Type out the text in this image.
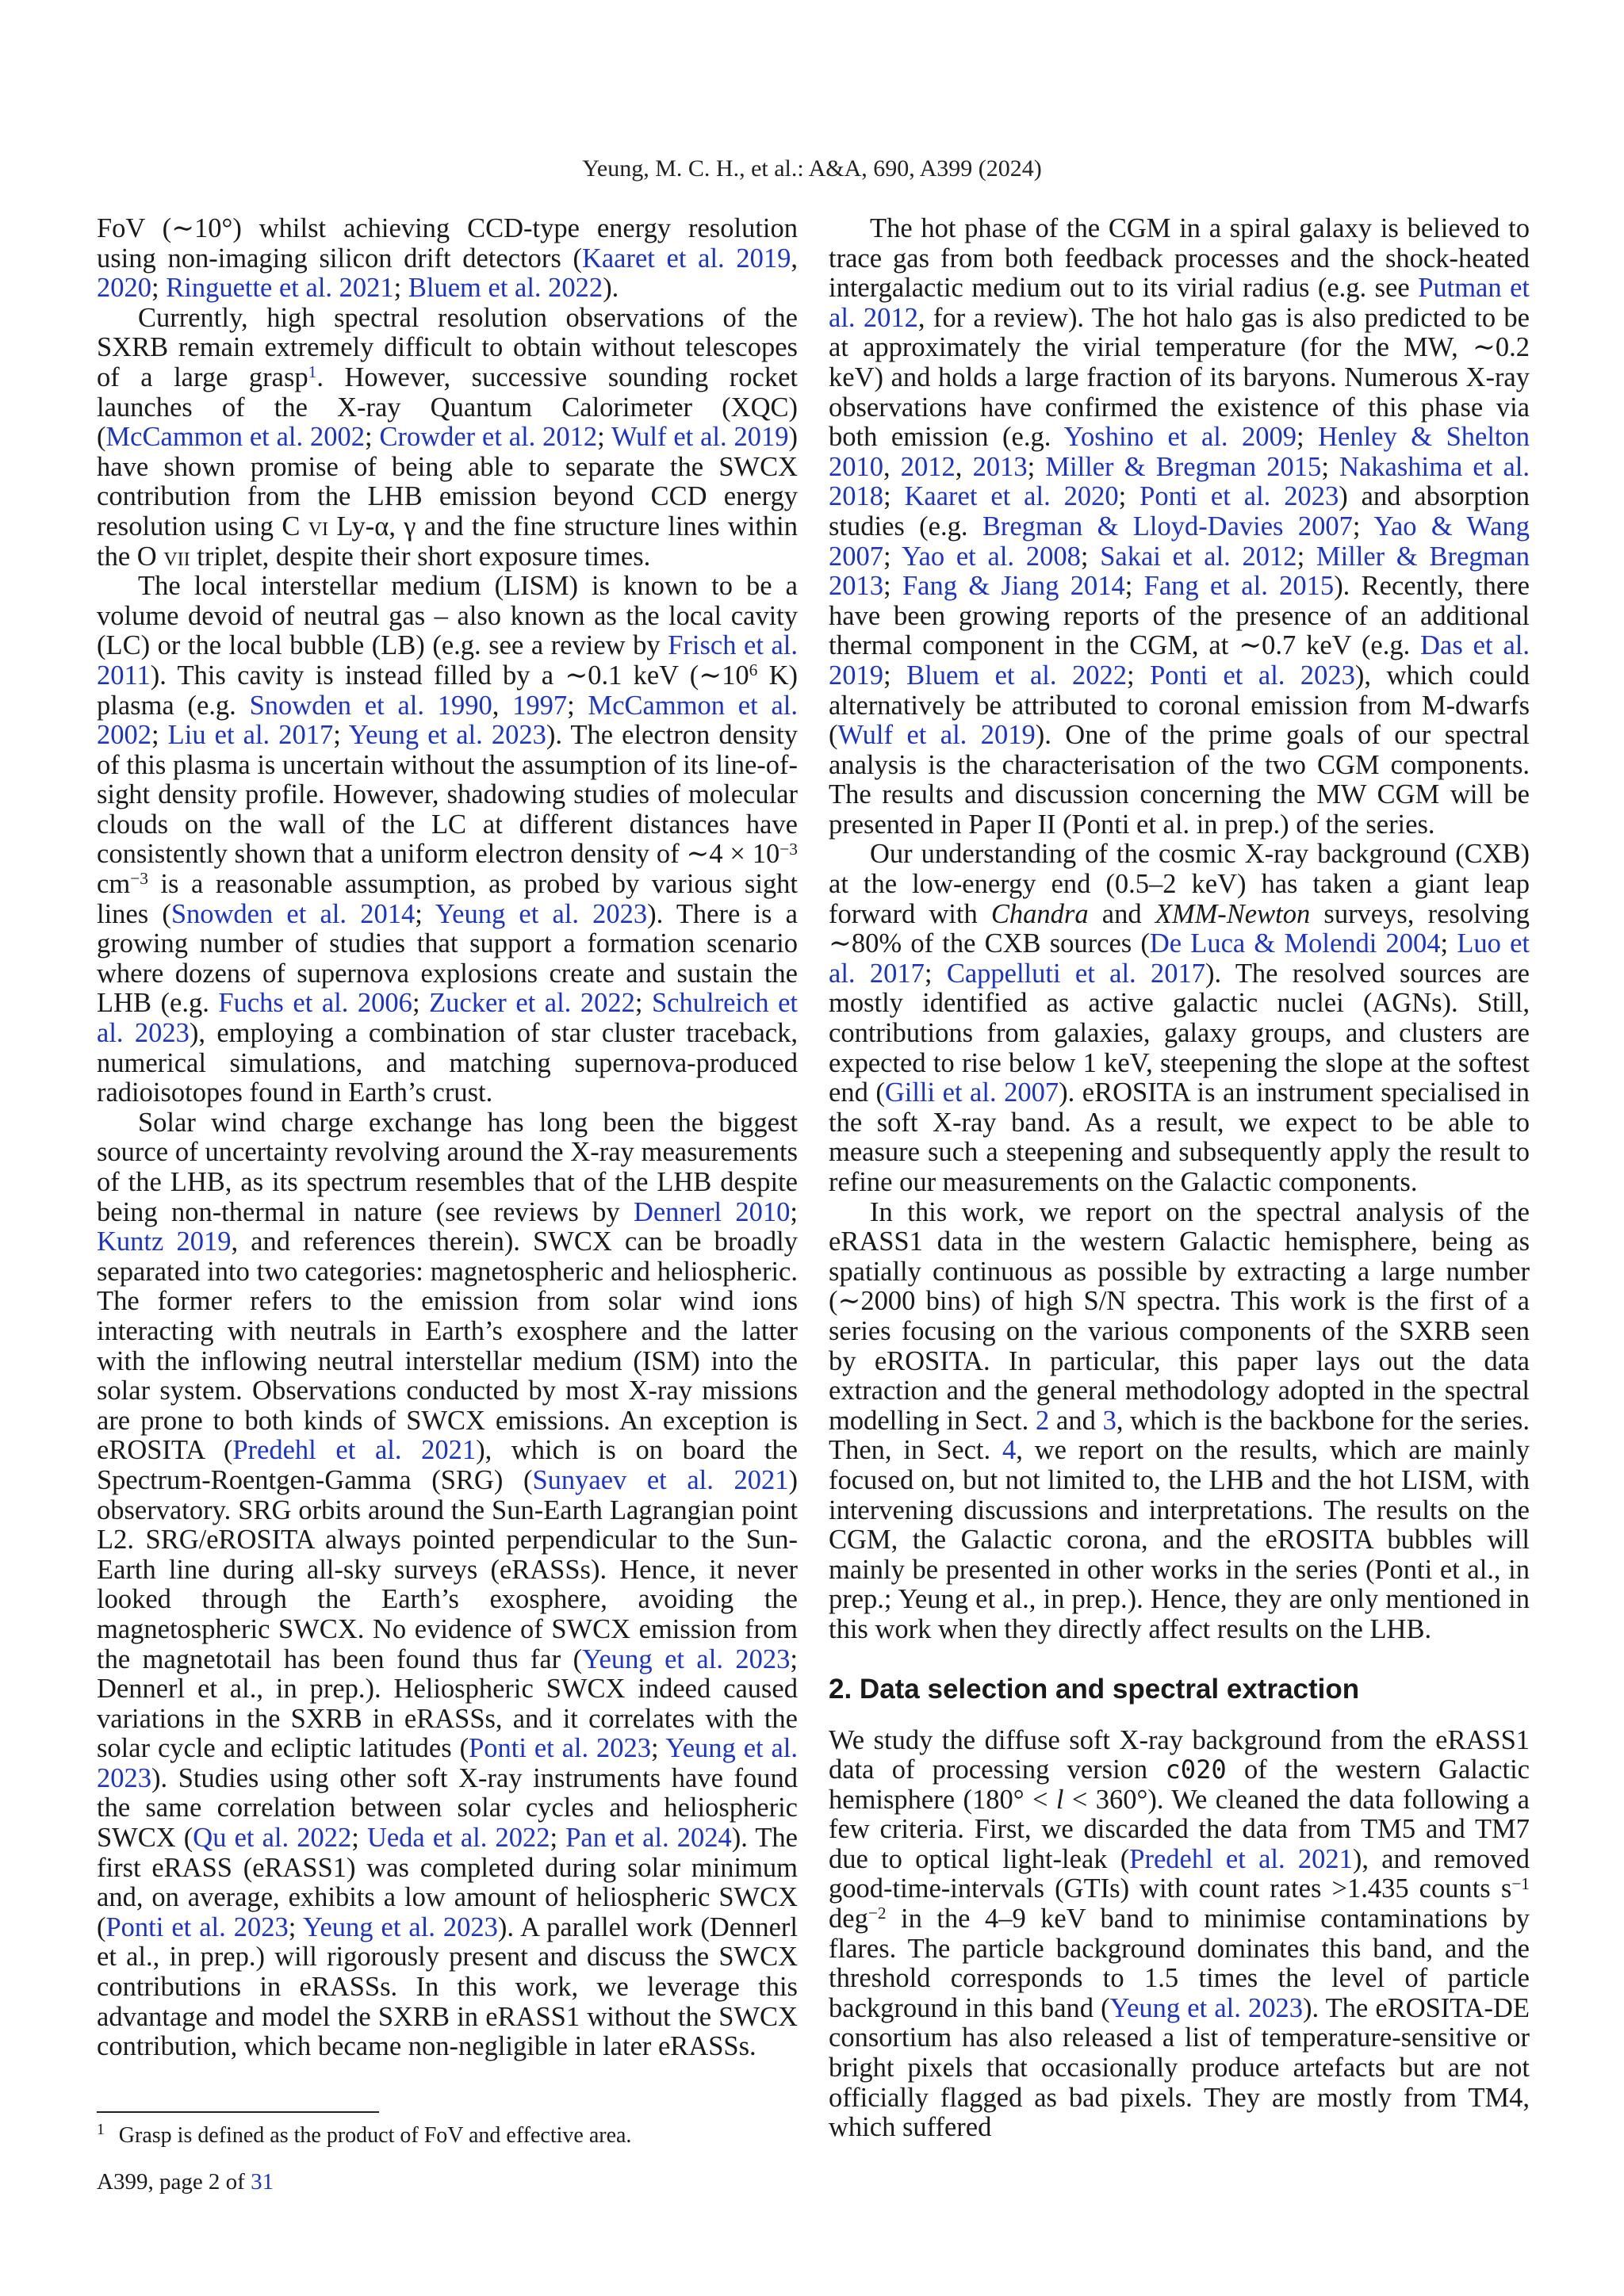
Yeung, M. C. H., et al.: A&A, 690, A399 (2024)

FoV (∼10°) whilst achieving CCD-type energy resolution using non-imaging silicon drift detectors (Kaaret et al. 2019, 2020; Ringuette et al. 2021; Bluem et al. 2022).

Currently, high spectral resolution observations of the SXRB remain extremely difficult to obtain without telescopes of a large grasp$^1$. However, successive sounding rocket launches of the X-ray Quantum Calorimeter (XQC) (McCammon et al. 2002; Crowder et al. 2012; Wulf et al. 2019) have shown promise of being able to separate the SWCX contribution from the LHB emission beyond CCD energy resolution using C vi Ly-α, γ and the fine structure lines within the O vii triplet, despite their short exposure times.

The local interstellar medium (LISM) is known to be a volume devoid of neutral gas – also known as the local cavity (LC) or the local bubble (LB) (e.g. see a review by Frisch et al. 2011). This cavity is instead filled by a ∼0.1 keV ($\sim 10^6$ K) plasma (e.g. Snowden et al. 1990, 1997; McCammon et al. 2002; Liu et al. 2017; Yeung et al. 2023). The electron density of this plasma is uncertain without the assumption of its line-of-sight density profile. However, shadowing studies of molecular clouds on the wall of the LC at different distances have consistently shown that a uniform electron density of ∼4 × $10^{-3}$ $cm^{-3}$ is a reasonable assumption, as probed by various sight lines (Snowden et al. 2014; Yeung et al. 2023). There is a growing number of studies that support a formation scenario where dozens of supernova explosions create and sustain the LHB (e.g. Fuchs et al. 2006; Zucker et al. 2022; Schulreich et al. 2023), employing a combination of star cluster traceback, numerical simulations, and matching supernova-produced radioisotopes found in Earth’s crust.

Solar wind charge exchange has long been the biggest source of uncertainty revolving around the X-ray measurements of the LHB, as its spectrum resembles that of the LHB despite being non-thermal in nature (see reviews by Dennerl 2010; Kuntz 2019, and references therein). SWCX can be broadly separated into two categories: magnetospheric and heliospheric. The former refers to the emission from solar wind ions interacting with neutrals in Earth’s exosphere and the latter with the inflowing neutral interstellar medium (ISM) into the solar system. Observations conducted by most X-ray missions are prone to both kinds of SWCX emissions. An exception is eROSITA (Predehl et al. 2021), which is on board the Spectrum-Roentgen-Gamma (SRG) (Sunyaev et al. 2021) observatory. SRG orbits around the Sun-Earth Lagrangian point L2. SRG/eROSITA always pointed perpendicular to the Sun-Earth line during all-sky surveys (eRASSs). Hence, it never looked through the Earth’s exosphere, avoiding the magnetospheric SWCX. No evidence of SWCX emission from the magnetotail has been found thus far (Yeung et al. 2023; Dennerl et al., in prep.). Heliospheric SWCX indeed caused variations in the SXRB in eRASSs, and it correlates with the solar cycle and ecliptic latitudes (Ponti et al. 2023; Yeung et al. 2023). Studies using other soft X-ray instruments have found the same correlation between solar cycles and heliospheric SWCX (Qu et al. 2022; Ueda et al. 2022; Pan et al. 2024). The first eRASS (eRASS1) was completed during solar minimum and, on average, exhibits a low amount of heliospheric SWCX (Ponti et al. 2023; Yeung et al. 2023). A parallel work (Dennerl et al., in prep.) will rigorously present and discuss the SWCX contributions in eRASSs. In this work, we leverage this advantage and model the SXRB in eRASS1 without the SWCX contribution, which became non-negligible in later eRASSs.

The hot phase of the CGM in a spiral galaxy is believed to trace gas from both feedback processes and the shock-heated intergalactic medium out to its virial radius (e.g. see Putman et al. 2012, for a review). The hot halo gas is also predicted to be at approximately the virial temperature (for the MW, ∼0.2 keV) and holds a large fraction of its baryons. Numerous X-ray observations have confirmed the existence of this phase via both emission (e.g. Yoshino et al. 2009; Henley & Shelton 2010, 2012, 2013; Miller & Bregman 2015; Nakashima et al. 2018; Kaaret et al. 2020; Ponti et al. 2023) and absorption studies (e.g. Bregman & Lloyd-Davies 2007; Yao & Wang 2007; Yao et al. 2008; Sakai et al. 2012; Miller & Bregman 2013; Fang & Jiang 2014; Fang et al. 2015). Recently, there have been growing reports of the presence of an additional thermal component in the CGM, at ∼0.7 keV (e.g. Das et al. 2019; Bluem et al. 2022; Ponti et al. 2023), which could alternatively be attributed to coronal emission from M-dwarfs (Wulf et al. 2019). One of the prime goals of our spectral analysis is the characterisation of the two CGM components. The results and discussion concerning the MW CGM will be presented in Paper II (Ponti et al. in prep.) of the series.

Our understanding of the cosmic X-ray background (CXB) at the low-energy end (0.5–2 keV) has taken a giant leap forward with Chandra and XMM-Newton surveys, resolving ∼80% of the CXB sources (De Luca & Molendi 2004; Luo et al. 2017; Cappelluti et al. 2017). The resolved sources are mostly identified as active galactic nuclei (AGNs). Still, contributions from galaxies, galaxy groups, and clusters are expected to rise below 1 keV, steepening the slope at the softest end (Gilli et al. 2007). eROSITA is an instrument specialised in the soft X-ray band. As a result, we expect to be able to measure such a steepening and subsequently apply the result to refine our measurements on the Galactic components.

In this work, we report on the spectral analysis of the eRASS1 data in the western Galactic hemisphere, being as spatially continuous as possible by extracting a large number (∼2000 bins) of high S/N spectra. This work is the first of a series focusing on the various components of the SXRB seen by eROSITA. In particular, this paper lays out the data extraction and the general methodology adopted in the spectral modelling in Sect. 2 and 3, which is the backbone for the series. Then, in Sect. 4, we report on the results, which are mainly focused on, but not limited to, the LHB and the hot LISM, with intervening discussions and interpretations. The results on the CGM, the Galactic corona, and the eROSITA bubbles will mainly be presented in other works in the series (Ponti et al., in prep.; Yeung et al., in prep.). Hence, they are only mentioned in this work when they directly affect results on the LHB.

2. Data selection and spectral extraction

We study the diffuse soft X-ray background from the eRASS1 data of processing version c020 of the western Galactic hemisphere (180° < l < 360°). We cleaned the data following a few criteria. First, we discarded the data from TM5 and TM7 due to optical light-leak (Predehl et al. 2021), and removed good-time-intervals (GTIs) with count rates >1.435 counts $s^{-1}$ deg$^{-2}$ in the 4–9 keV band to minimise contaminations by flares. The particle background dominates this band, and the threshold corresponds to 1.5 times the level of particle background in this band (Yeung et al. 2023). The eROSITA-DE consortium has also released a list of temperature-sensitive or bright pixels that occasionally produce artefacts but are not officially flagged as bad pixels. They are mostly from TM4, which suffered

$^1$ Grasp is defined as the product of FoV and effective area.
A399, page 2 of 31
